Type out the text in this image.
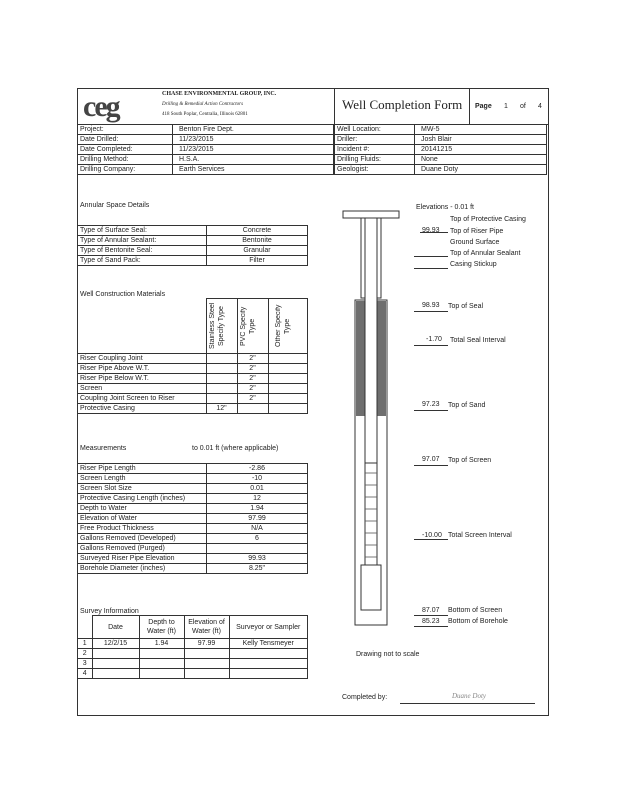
ceg	CHASE ENVIRONMENTAL GROUP, INC.
Drilling & Remedial Action Contractors
418 South Poplar, Centralia, Illinois 62801
Well Completion Form Page 1 of 4
Project:	Benton Fire Dept.
Date Drilled:	11/23/2015
Date Completed:	11/23/2015
Drilling Method:	H.S.A.
Drilling Company:	Earth Services
Well Location:	MW-5
Driller:	Josh Blair
Incident #:	20141215
Drilling Fluids:	None
Geologist:	Duane Doty
Annular Space Details
Type of Surface Seal:	Concrete
Type of Annular Sealant:	Bentonite
Type of Bentonite Seal:	Granular
Type of Sand Pack:	Filter
Well Construction Materials

	Stainless Steel Specify Type	PVC Specify Type	Other Specify Type

Riser Coupling Joint		2"	
Riser Pipe Above W.T.		2"	
Riser Pipe Below W.T.		2"	
Screen		2"	
Coupling Joint Screen to Riser		2"	
Protective Casing	12"		
Measurements	to 0.01 ft (where applicable)
Riser Pipe Length	-2.86
Screen Length	-10
Screen Slot Size	0.01
Protective Casing Length (inches)	12
Depth to Water	1.94
Elevation of Water	97.99
Free Product Thickness	N/A
Gallons Removed (Developed)	6
Gallons Removed (Purged)	
Surveyed Riser Pipe Elevation	99.93
Borehole Diameter (inches)	8.25"
Survey Information
	Date	Depth to Water (ft)	Elevation of Water (ft)	Surveyor or Sampler
1	12/2/15	1.94	97.99	Kelly Tensmeyer
2				
3				
4				
Elevations - 0.01 ft
Top of Protective Casing
99.93 Top of Riser Pipe
Ground Surface
Top of Annular Sealant
Casing Stickup
98.93 Top of Seal
-1.70 Total Seal Interval
97.23 Top of Sand
97.07 Top of Screen
-10.00 Total Screen Interval
87.07 Bottom of Screen
85.23 Bottom of Borehole
Drawing not to scale
Completed by:	Duane Doty
